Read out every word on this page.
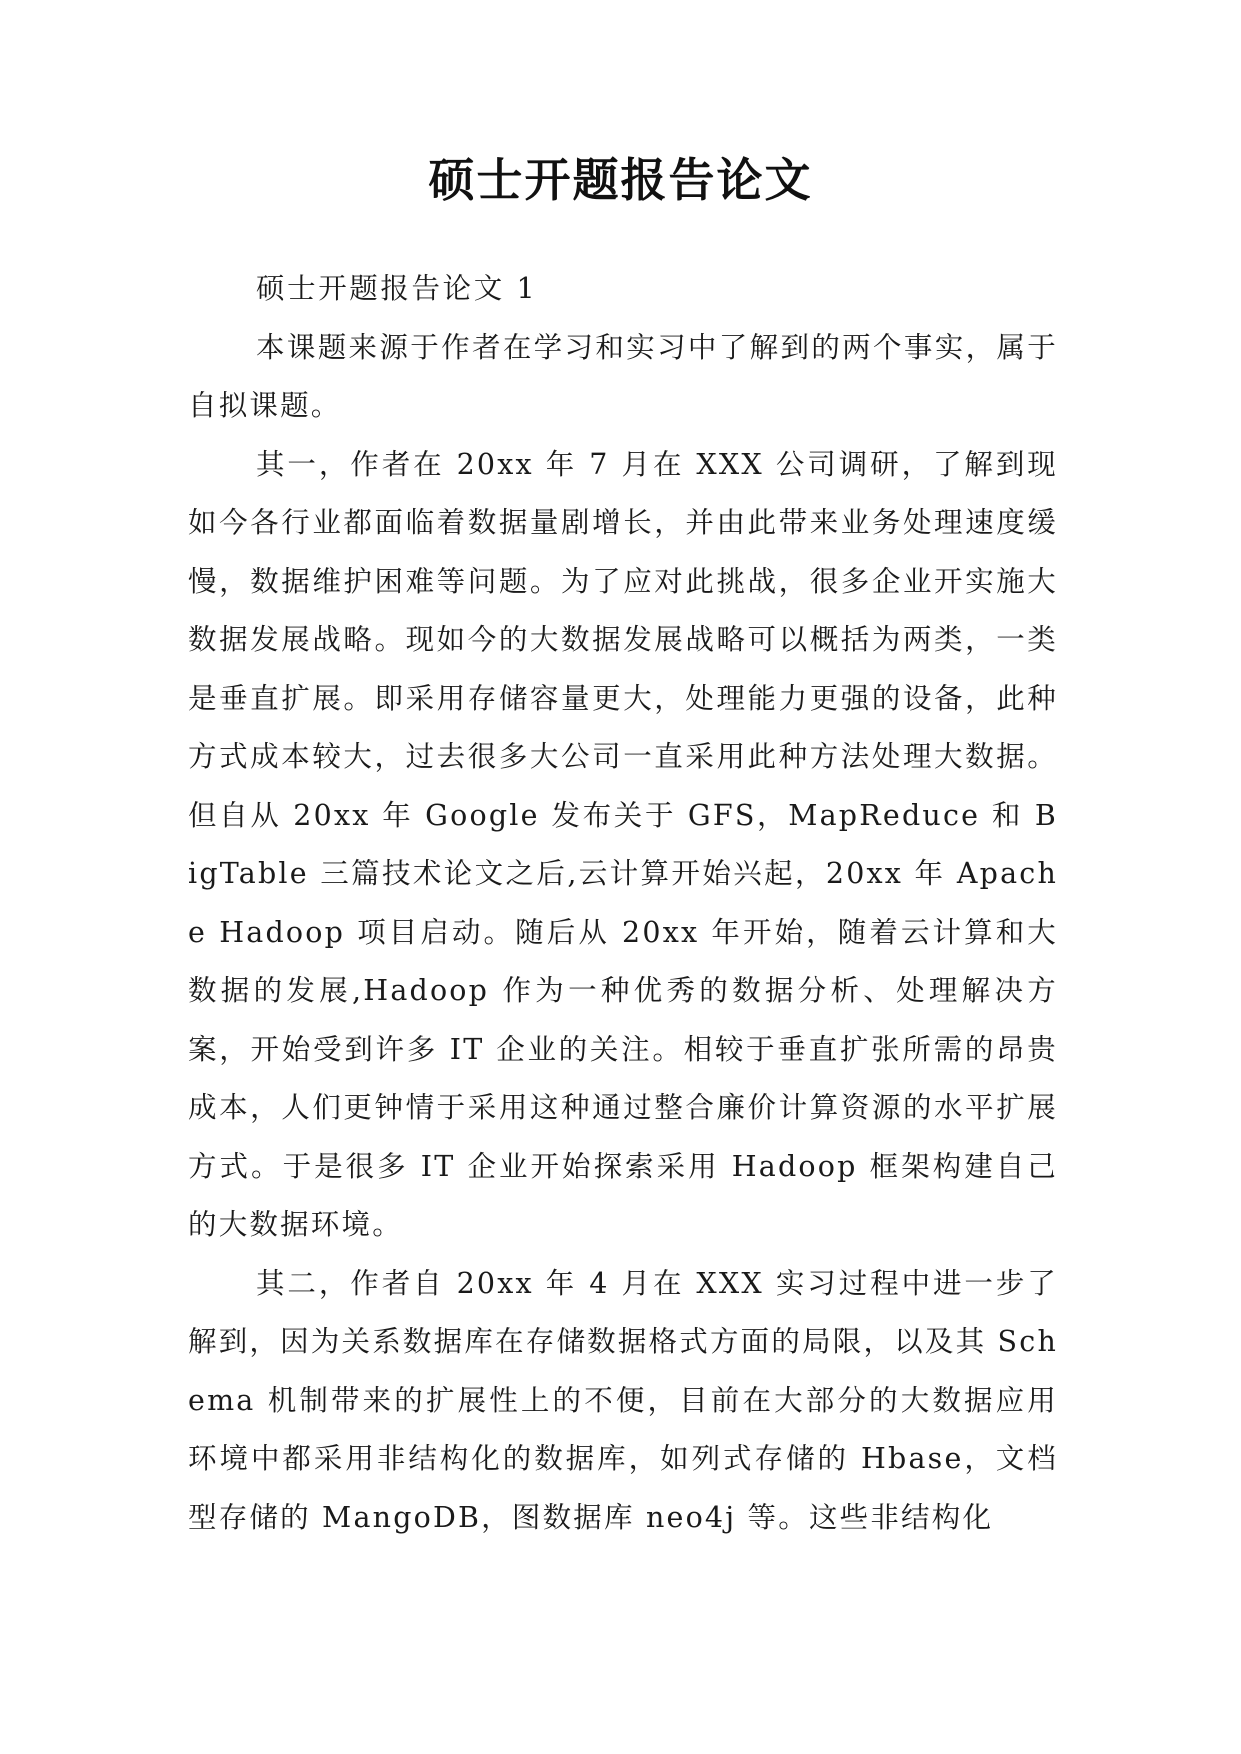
硕士开题报告论文

硕士开题报告论文 1

本课题来源于作者在学习和实习中了解到的两个事实，属于自拟课题。

其一，作者在 20xx 年 7 月在 XXX 公司调研，了解到现如今各行业都面临着数据量剧增长，并由此带来业务处理速度缓慢，数据维护困难等问题。为了应对此挑战，很多企业开实施大数据发展战略。现如今的大数据发展战略可以概括为两类，一类是垂直扩展。即采用存储容量更大，处理能力更强的设备，此种方式成本较大，过去很多大公司一直采用此种方法处理大数据。但自从 20xx 年 Google 发布关于 GFS，MapReduce 和 BigTable 三篇技术论文之后,云计算开始兴起，20xx 年 Apache Hadoop 项目启动。随后从 20xx 年开始，随着云计算和大数据的发展,Hadoop 作为一种优秀的数据分析、处理解决方案，开始受到许多 IT 企业的关注。相较于垂直扩张所需的昂贵成本，人们更钟情于采用这种通过整合廉价计算资源的水平扩展方式。于是很多 IT 企业开始探索采用 Hadoop 框架构建自己的大数据环境。

其二，作者自 20xx 年 4 月在 XXX 实习过程中进一步了解到，因为关系数据库在存储数据格式方面的局限，以及其 Schema 机制带来的扩展性上的不便，目前在大部分的大数据应用环境中都采用非结构化的数据库，如列式存储的 Hbase，文档型存储的 MangoDB，图数据库 neo4j 等。这些非结构化
